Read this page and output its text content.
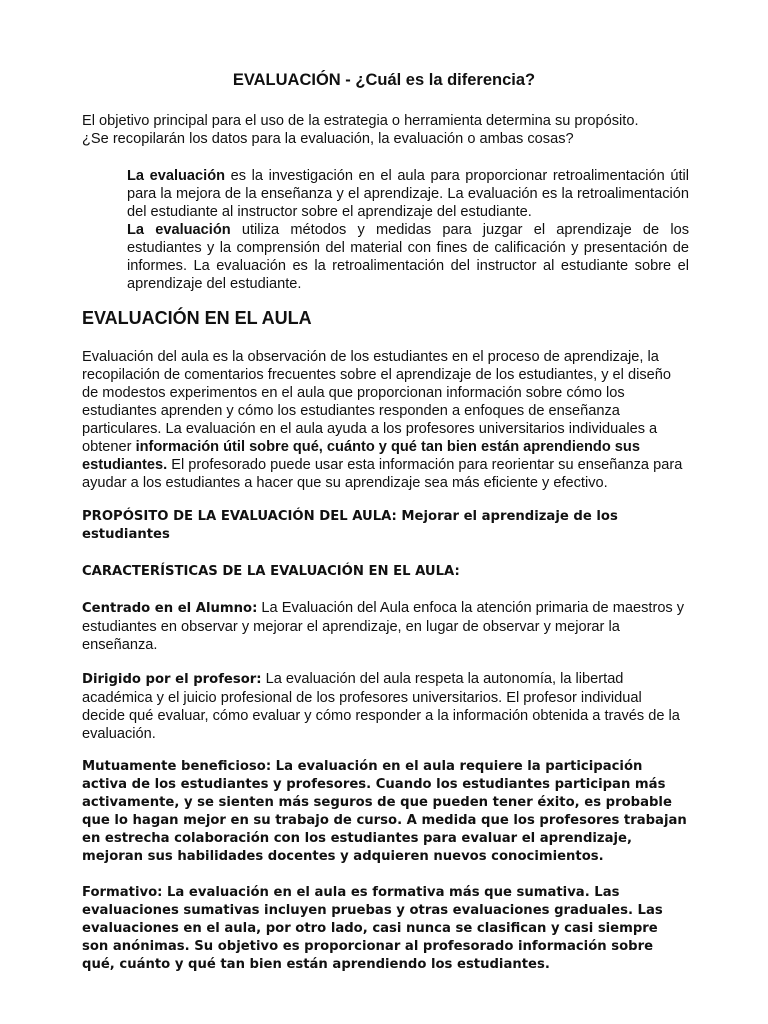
EVALUACIÓN - ¿Cuál es la diferencia?
El objetivo principal para el uso de la estrategia o herramienta determina su propósito.
¿Se recopilarán los datos para la evaluación, la evaluación o ambas cosas?
La evaluación es la investigación en el aula para proporcionar retroalimentación útil para la mejora de la enseñanza y el aprendizaje. La evaluación es la retroalimentación del estudiante al instructor sobre el aprendizaje del estudiante.
La evaluación utiliza métodos y medidas para juzgar el aprendizaje de los estudiantes y la comprensión del material con fines de calificación y presentación de informes. La evaluación es la retroalimentación del instructor al estudiante sobre el aprendizaje del estudiante.
EVALUACIÓN EN EL AULA

Evaluación del aula es la observación de los estudiantes en el proceso de aprendizaje, la recopilación de comentarios frecuentes sobre el aprendizaje de los estudiantes, y el diseño de modestos experimentos en el aula que proporcionan información sobre cómo los estudiantes aprenden y cómo los estudiantes responden a enfoques de enseñanza particulares. La evaluación en el aula ayuda a los profesores universitarios individuales a obtener información útil sobre qué, cuánto y qué tan bien están aprendiendo sus estudiantes. El profesorado puede usar esta información para reorientar su enseñanza para ayudar a los estudiantes a hacer que su aprendizaje sea más eficiente y efectivo.

PROPÓSITO DE LA EVALUACIÓN DEL AULA: Mejorar el aprendizaje de los estudiantes

CARACTERÍSTICAS DE LA EVALUACIÓN EN EL AULA:

Centrado en el Alumno: La Evaluación del Aula enfoca la atención primaria de maestros y estudiantes en observar y mejorar el aprendizaje, en lugar de observar y mejorar la enseñanza.

Dirigido por el profesor: La evaluación del aula respeta la autonomía, la libertad académica y el juicio profesional de los profesores universitarios. El profesor individual decide qué evaluar, cómo evaluar y cómo responder a la información obtenida a través de la evaluación.

Mutuamente beneficioso: La evaluación en el aula requiere la participación activa de los estudiantes y profesores. Cuando los estudiantes participan más activamente, y se sienten más seguros de que pueden tener éxito, es probable que lo hagan mejor en su trabajo de curso. A medida que los profesores trabajan en estrecha colaboración con los estudiantes para evaluar el aprendizaje, mejoran sus habilidades docentes y adquieren nuevos conocimientos.

Formativo: La evaluación en el aula es formativa más que sumativa. Las evaluaciones sumativas incluyen pruebas y otras evaluaciones graduales. Las evaluaciones en el aula, por otro lado, casi nunca se clasifican y casi siempre son anónimas. Su objetivo es proporcionar al profesorado información sobre qué, cuánto y qué tan bien están aprendiendo los estudiantes.
